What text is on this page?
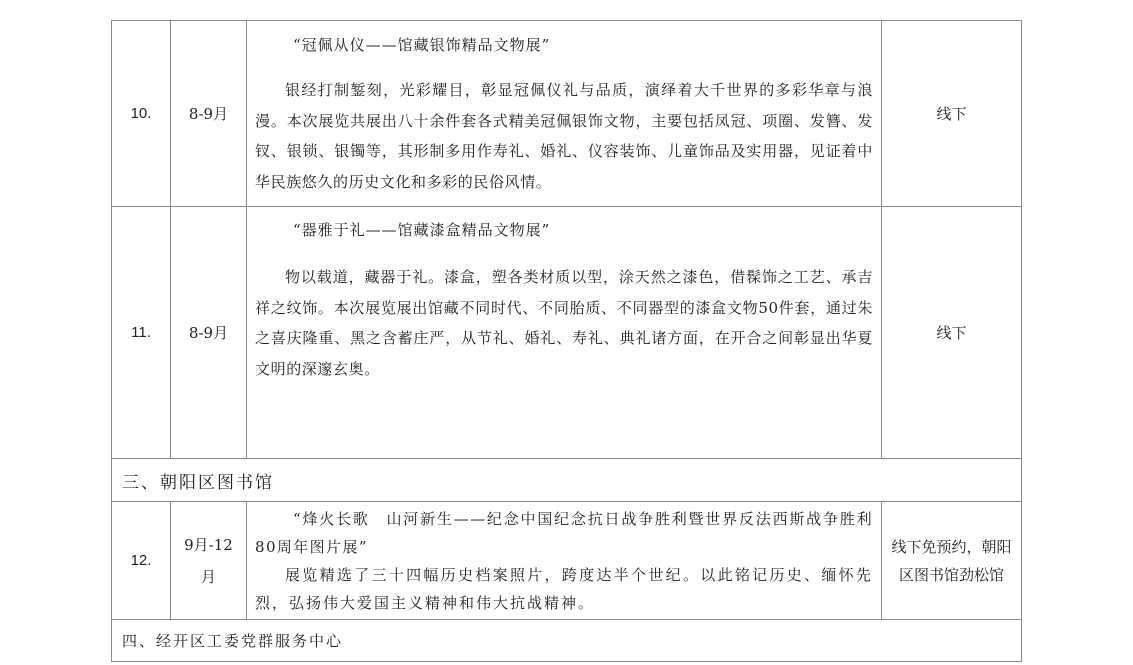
10.	8-9月
“冠佩从仪——馆藏银饰精品文物展”
银经打制錾刻，光彩耀目，彰显冠佩仪礼与品质，演绎着大千世界的多彩华章与浪漫。本次展览共展出八十余件套各式精美冠佩银饰文物，主要包括凤冠、项圈、发簪、发钗、银锁、银镯等，其形制多用作寿礼、婚礼、仪容装饰、儿童饰品及实用器，见证着中华民族悠久的历史文化和多彩的民俗风情。
线下
11.	8-9月
“器雅于礼——馆藏漆盒精品文物展”
物以载道，藏器于礼。漆盒，塑各类材质以型，涂天然之漆色，借髹饰之工艺、承吉祥之纹饰。本次展览展出馆藏不同时代、不同胎质、不同器型的漆盒文物50件套，通过朱之喜庆隆重、黑之含蓄庄严，从节礼、婚礼、寿礼、典礼诸方面，在开合之间彰显出华夏文明的深邃玄奥。
线下
三、朝阳区图书馆
12.
9月-12月
“烽火长歌　山河新生——纪念中国纪念抗日战争胜利暨世界反法西斯战争胜利80周年图片展”
展览精选了三十四幅历史档案照片，跨度达半个世纪。以此铭记历史、缅怀先烈，弘扬伟大爱国主义精神和伟大抗战精神。
线下免预约，朝阳区图书馆劲松馆
四、经开区工委党群服务中心
